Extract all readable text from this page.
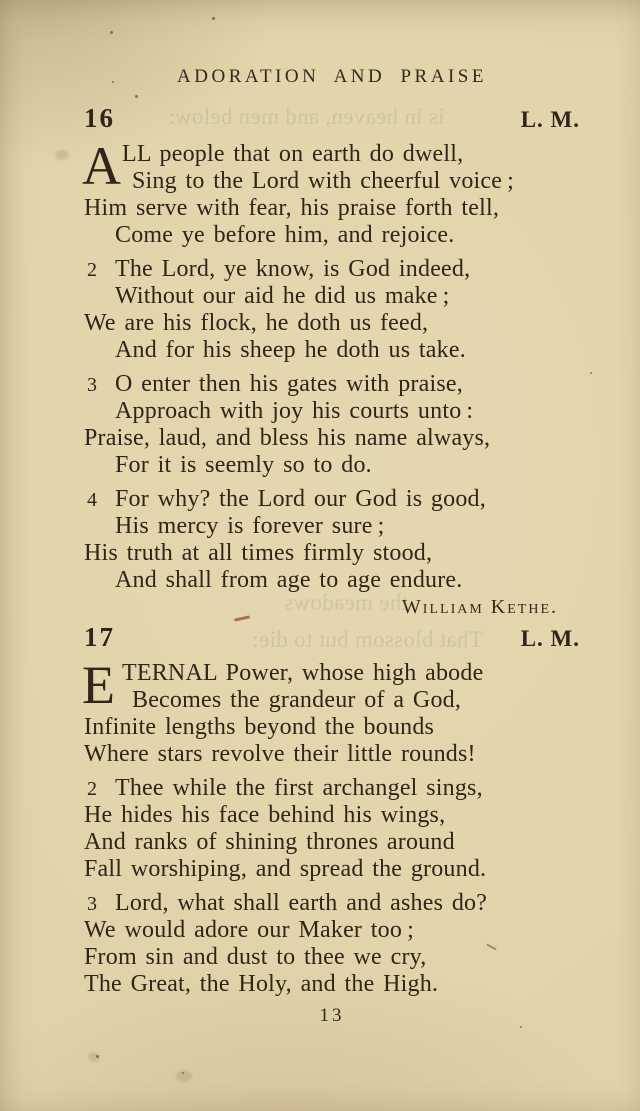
is in heaven, and men below:
the meadows
That blossom but to die:
ADORATION AND PRAISE
16	L. M.
A LL people that on earth do dwell,
Sing to the Lord with cheerful voice ;
Him serve with fear, his praise forth tell,
Come ye before him, and rejoice.
2 The Lord, ye know, is God indeed,
Without our aid he did us make ;
We are his flock, he doth us feed,
And for his sheep he doth us take.
3 O enter then his gates with praise,
Approach with joy his courts unto :
Praise, laud, and bless his name always,
For it is seemly so to do.
4 For why? the Lord our God is good,
His mercy is forever sure ;
His truth at all times firmly stood,
And shall from age to age endure.
William Kethe.
17	L. M.
E TERNAL Power, whose high abode
Becomes the grandeur of a God,
Infinite lengths beyond the bounds
Where stars revolve their little rounds!
2 Thee while the first archangel sings,
He hides his face behind his wings,
And ranks of shining thrones around
Fall worshiping, and spread the ground.
3 Lord, what shall earth and ashes do?
We would adore our Maker too ;
From sin and dust to thee we cry,
The Great, the Holy, and the High.
13
